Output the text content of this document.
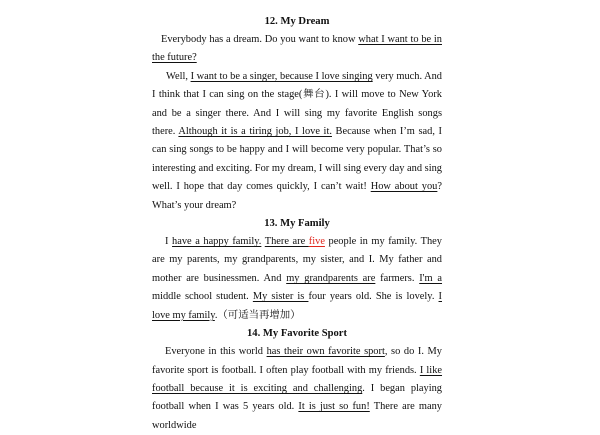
12. My Dream

Everybody has a dream. Do you want to know what I want to be in the future?

Well, I want to be a singer, because I love singing very much. And I think that I can sing on the stage(舞台). I will move to New York and be a singer there. And I will sing my favorite English songs there. Although it is a tiring job, I love it. Because when I’m sad, I can sing songs to be happy and I will become very popular. That’s so interesting and exciting. For my dream, I will sing every day and sing well. I hope that day comes quickly, I can’t wait! How about you? What’s your dream?

13. My Family

I have a happy family. There are five people in my family. They are my parents, my grandparents, my sister, and I. My father and mother are businessmen. And my grandparents are farmers. I'm a middle school student. My sister is four years old. She is lovely. I love my family.（可适当再增加）

14. My Favorite Sport

Everyone in this world has their own favorite sport, so do I. My favorite sport is football. I often play football with my friends. I like football because it is exciting and challenging. I began playing football when I was 5 years old. It is just so fun! There are many worldwide
